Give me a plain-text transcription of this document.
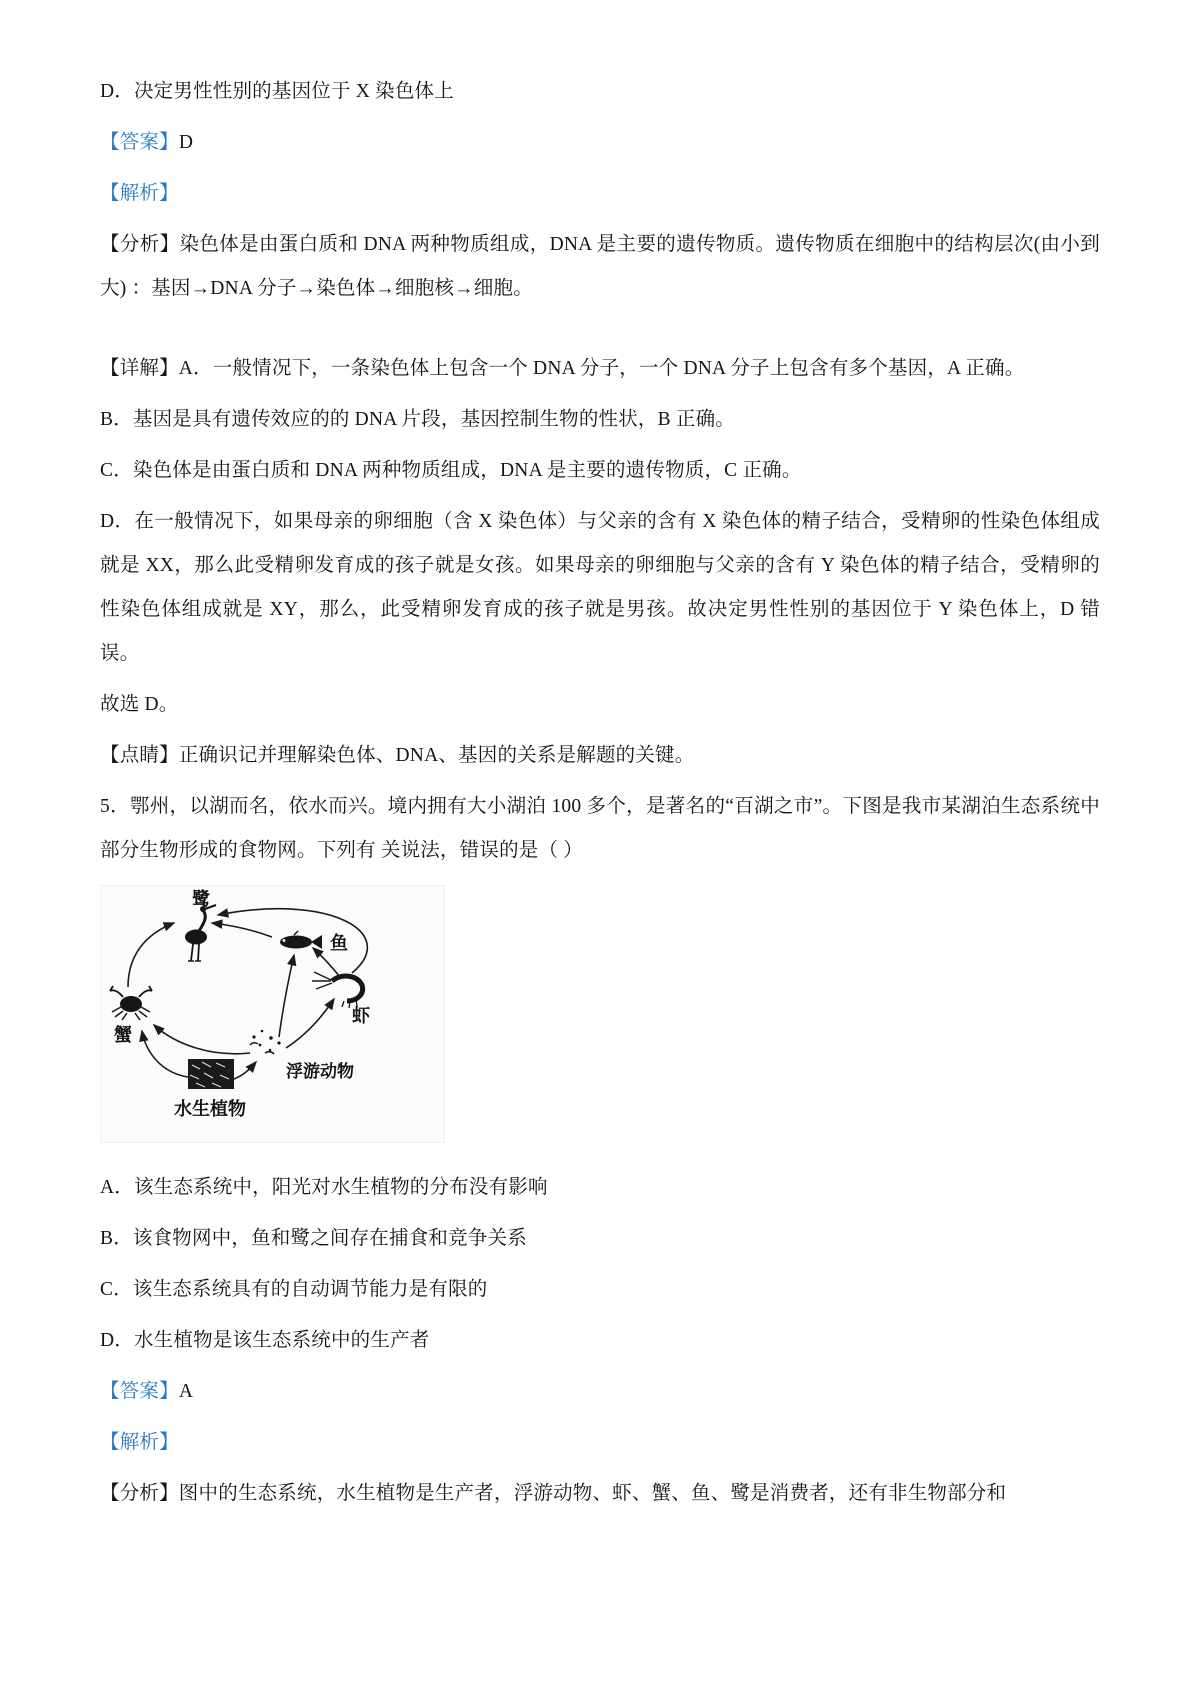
D．决定男性性别的基因位于 X 染色体上

【答案】D

【解析】

【分析】染色体是由蛋白质和 DNA 两种物质组成，DNA 是主要的遗传物质。遗传物质在细胞中的结构层次(由小到大) ：基因→DNA 分子→染色体→细胞核→细胞。

【详解】A．一般情况下，一条染色体上包含一个 DNA 分子，一个 DNA 分子上包含有多个基因，A 正确。

B．基因是具有遗传效应的的 DNA 片段，基因控制生物的性状，B 正确。

C．染色体是由蛋白质和 DNA 两种物质组成，DNA 是主要的遗传物质，C 正确。

D．在一般情况下，如果母亲的卵细胞（含 X 染色体）与父亲的含有 X 染色体的精子结合，受精卵的性染色体组成就是 XX，那么此受精卵发育成的孩子就是女孩。如果母亲的卵细胞与父亲的含有 Y 染色体的精子结合，受精卵的性染色体组成就是 XY，那么，此受精卵发育成的孩子就是男孩。故决定男性性别的基因位于 Y 染色体上，D 错误。

故选 D。

【点睛】正确识记并理解染色体、DNA、基因的关系是解题的关键。

5．鄂州，以湖而名，依水而兴。境内拥有大小湖泊 100 多个，是著名的“百湖之市”。下图是我市某湖泊生态系统中部分生物形成的食物网。下列有 关说法，错误的是（ ）

鹭
鱼
虾
蟹
浮游动物
水生植物

A．该生态系统中，阳光对水生植物的分布没有影响

B．该食物网中，鱼和鹭之间存在捕食和竞争关系

C．该生态系统具有的自动调节能力是有限的

D．水生植物是该生态系统中的生产者

【答案】A

【解析】

【分析】图中的生态系统，水生植物是生产者，浮游动物、虾、蟹、鱼、鹭是消费者，还有非生物部分和
